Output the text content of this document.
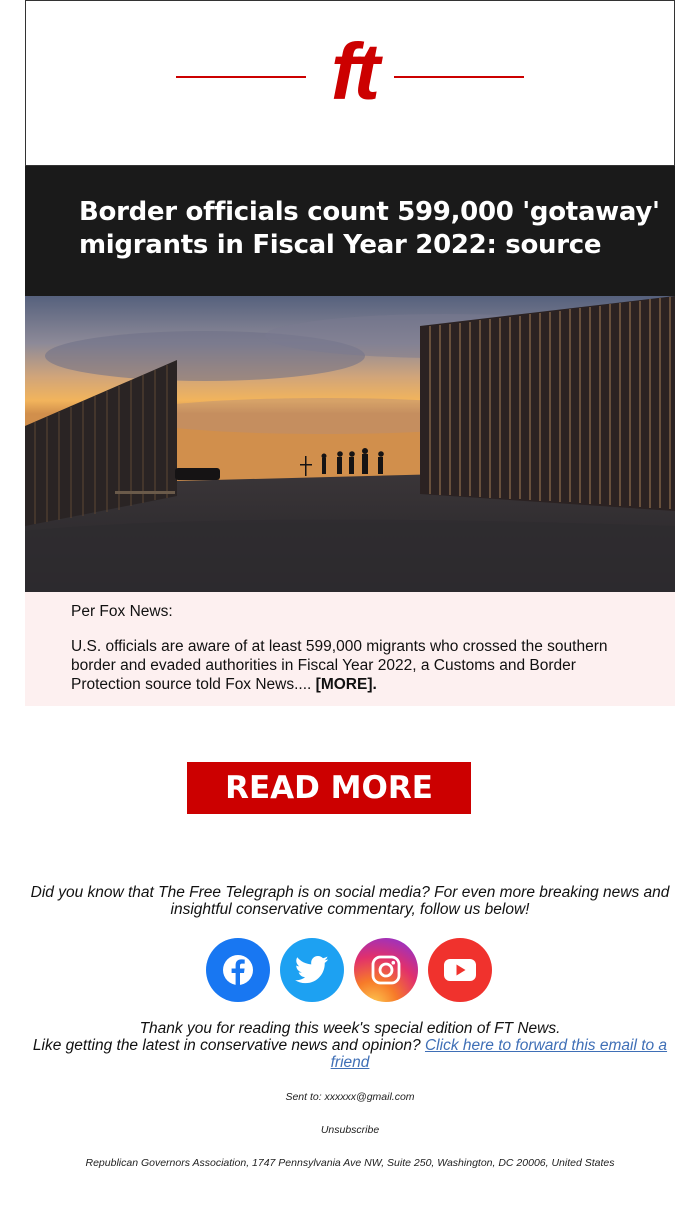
ft
Border officials count 599,000 'gotaway' migrants in Fiscal Year 2022: source

Per Fox News:

U.S. officials are aware of at least 599,000 migrants who crossed the southern border and evaded authorities in Fiscal Year 2022, a Customs and Border Protection source told Fox News.... [MORE].

READ MORE

Did you know that The Free Telegraph is on social media? For even more breaking news and insightful conservative commentary, follow us below!

Thank you for reading this week's special edition of FT News.
Like getting the latest in conservative news and opinion? Click here to forward this email to a friend

Sent to: xxxxxx@gmail.com

Unsubscribe

Republican Governors Association, 1747 Pennsylvania Ave NW, Suite 250, Washington, DC 20006, United States
